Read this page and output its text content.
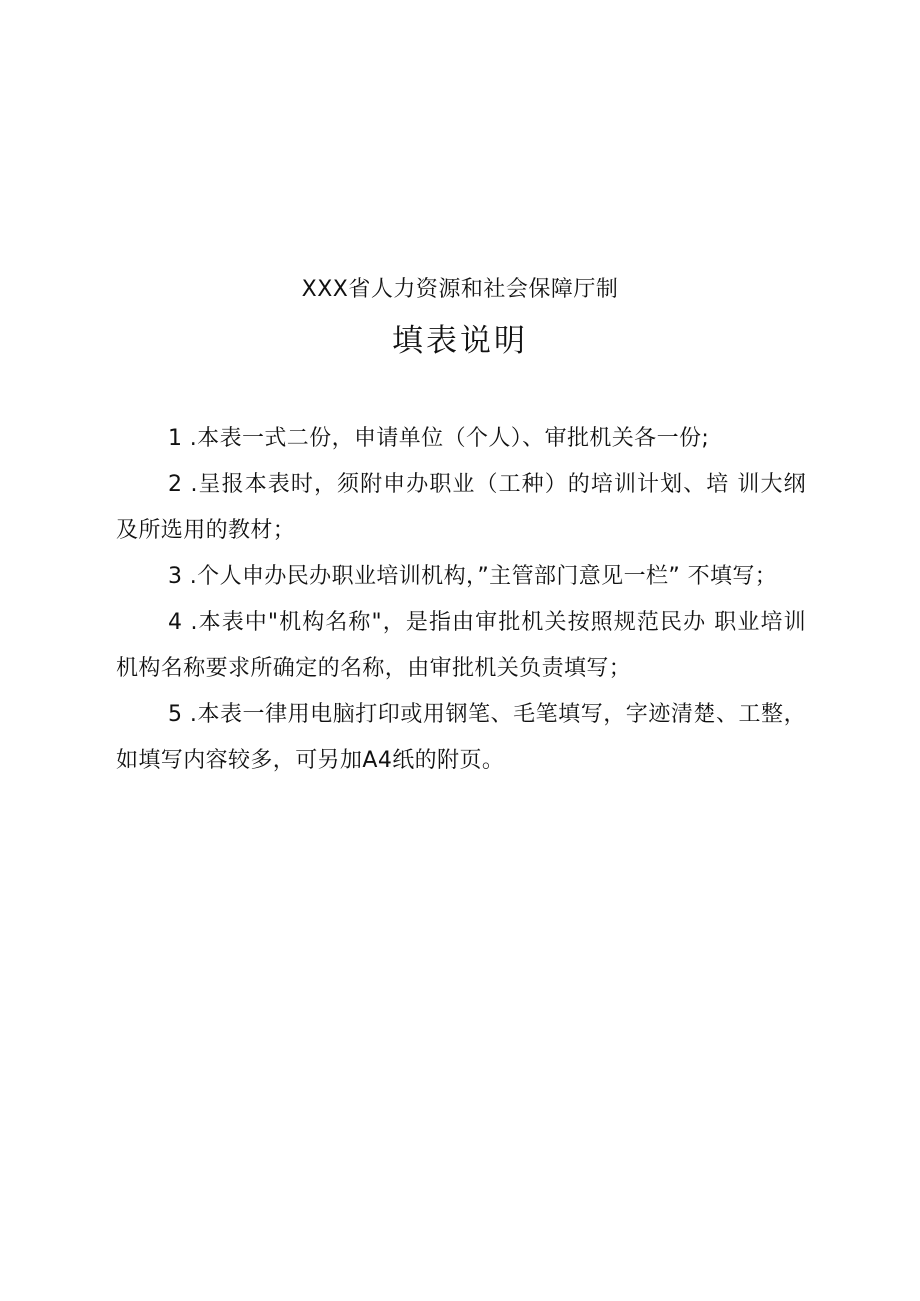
XXX省人力资源和社会保障厅制
填表说明

1 .本表一式二份，申请单位（个人）、审批机关各一份;

2 .呈报本表时，须附申办职业（工种）的培训计划、培 训大纲及所选用的教材；

3 .个人申办民办职业培训机构，”主管部门意见一栏” 不填写；

4 .本表中"机构名称"，是指由审批机关按照规范民办 职业培训机构名称要求所确定的名称，由审批机关负责填写；

5 .本表一律用电脑打印或用钢笔、毛笔填写，字迹清楚、工整，如填写内容较多，可另加A4纸的附页。
